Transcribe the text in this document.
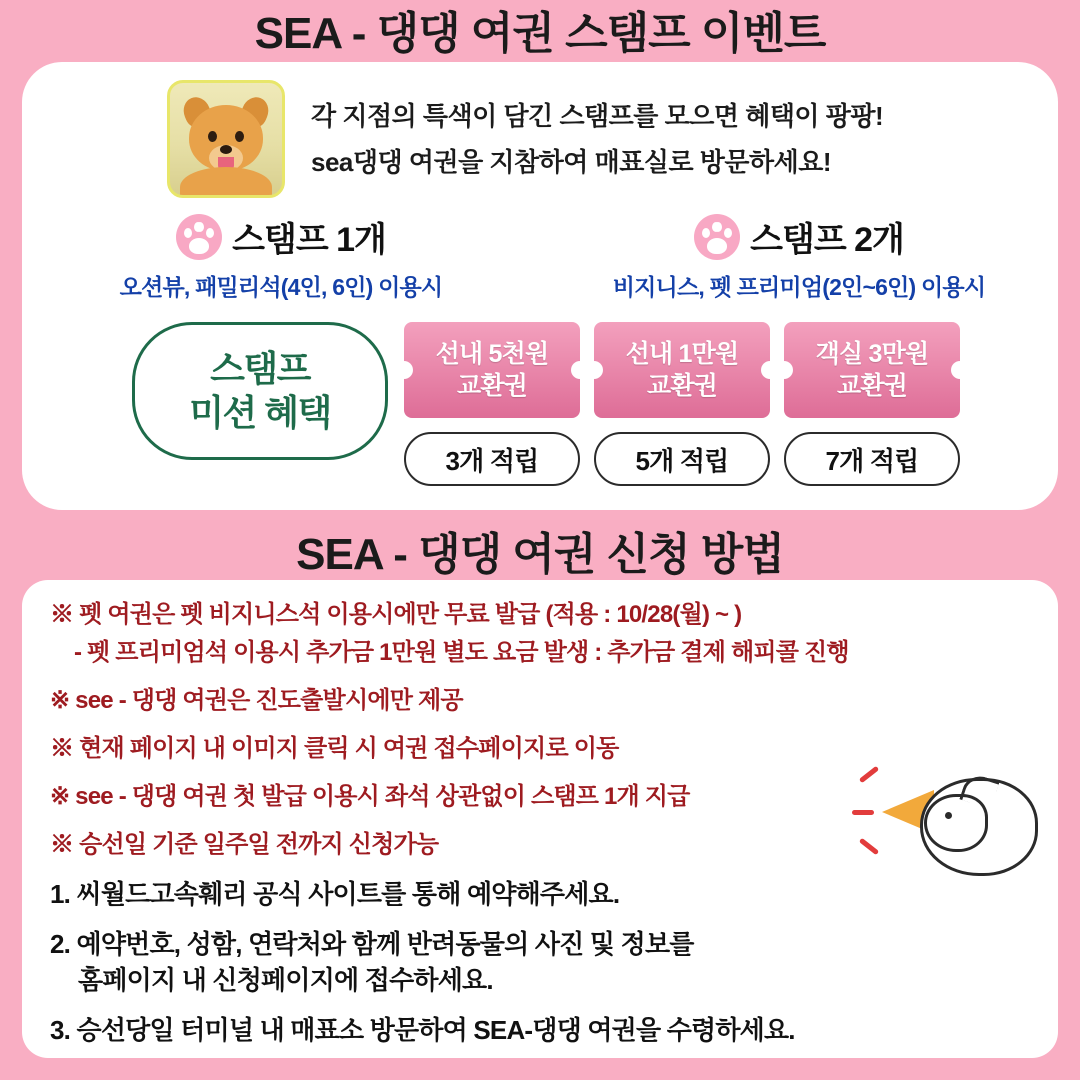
SEA - 댕댕 여권 스탬프 이벤트
각 지점의 특색이 담긴 스탬프를 모으면 혜택이 팡팡!
sea댕댕 여권을 지참하여 매표실로 방문하세요!
스탬프 1개	스탬프 2개
오션뷰, 패밀리석(4인, 6인) 이용시	비지니스, 펫 프리미엄(2인~6인) 이용시
스탬프
미션 혜택
선내 5천원
교환권
3개 적립
선내 1만원
교환권
5개 적립
객실 3만원
교환권
7개 적립
SEA - 댕댕 여권 신청 방법
※ 펫 여권은 펫 비지니스석 이용시에만 무료 발급 (적용 : 10/28(월) ~ )
- 펫 프리미엄석 이용시 추가금 1만원 별도 요금 발생 : 추가금 결제 해피콜 진행
※ see - 댕댕 여권은 진도출발시에만 제공
※ 현재 페이지 내 이미지 클릭 시 여권 접수페이지로 이동
※ see - 댕댕 여권 첫 발급 이용시 좌석 상관없이 스탬프 1개 지급
※ 승선일 기준 일주일 전까지 신청가능
1. 씨월드고속훼리 공식 사이트를 통해 예약해주세요.
2. 예약번호, 성함, 연락처와 함께 반려동물의 사진 및 정보를
홈페이지 내 신청페이지에 접수하세요.
3. 승선당일 터미널 내 매표소 방문하여 SEA-댕댕 여권을 수령하세요.
